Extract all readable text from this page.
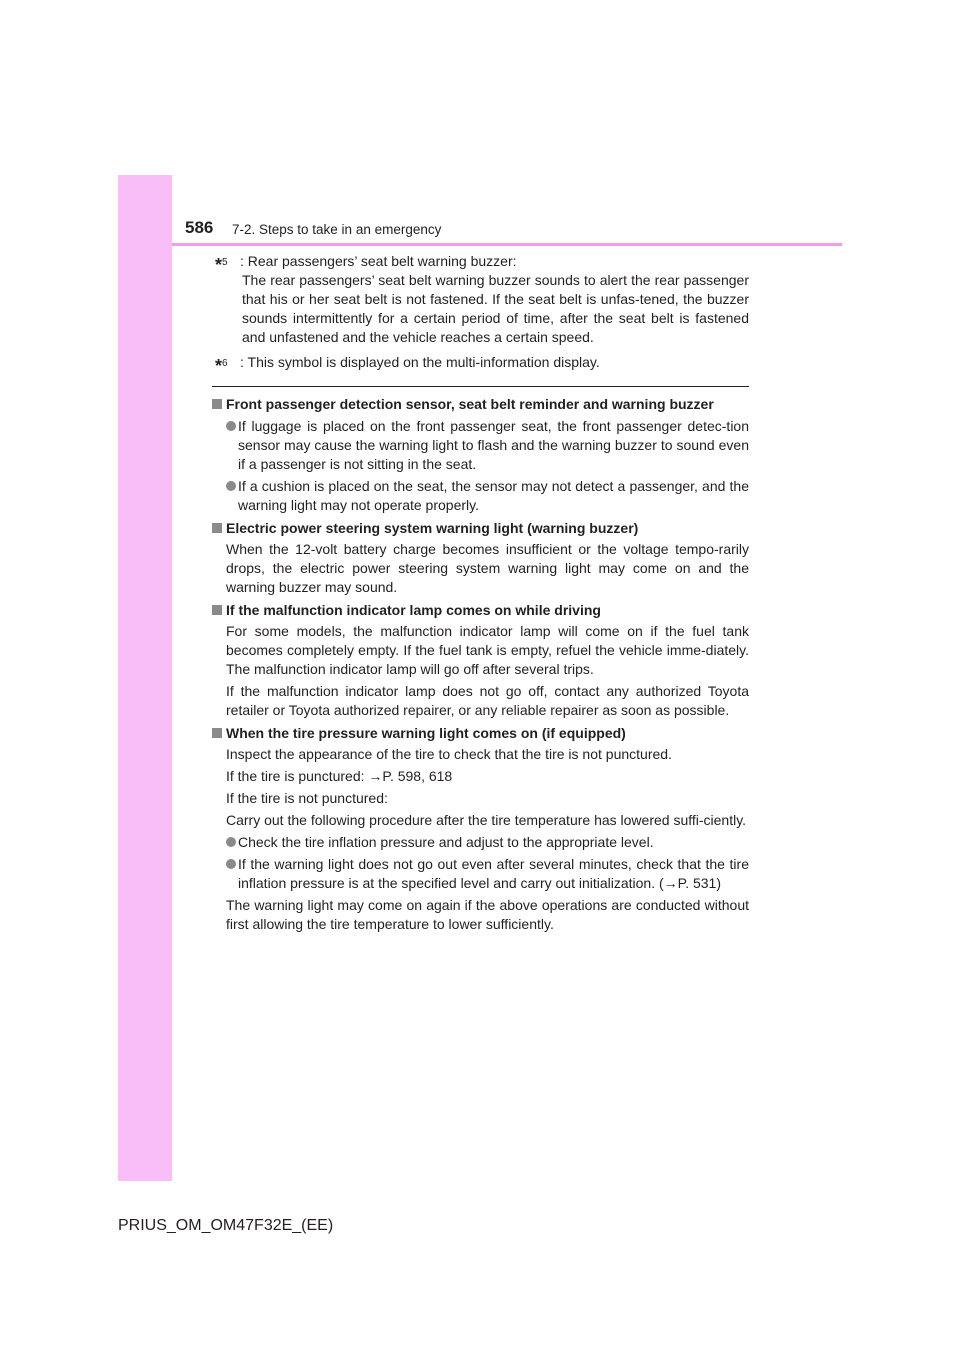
586 7-2. Steps to take in an emergency
*$^5$ : Rear passengers’ seat belt warning buzzer:

The rear passengers’ seat belt warning buzzer sounds to alert the rear passenger that his or her seat belt is not fastened. If the seat belt is unfas-tened, the buzzer sounds intermittently for a certain period of time, after the seat belt is fastened and unfastened and the vehicle reaches a certain speed.

*$^6$ : This symbol is displayed on the multi-information display.

Front passenger detection sensor, seat belt reminder and warning buzzer
If luggage is placed on the front passenger seat, the front passenger detec-tion sensor may cause the warning light to flash and the warning buzzer to sound even if a passenger is not sitting in the seat.
If a cushion is placed on the seat, the sensor may not detect a passenger, and the warning light may not operate properly.
Electric power steering system warning light (warning buzzer)
When the 12-volt battery charge becomes insufficient or the voltage tempo-rarily drops, the electric power steering system warning light may come on and the warning buzzer may sound.
If the malfunction indicator lamp comes on while driving
For some models, the malfunction indicator lamp will come on if the fuel tank becomes completely empty. If the fuel tank is empty, refuel the vehicle imme-diately. The malfunction indicator lamp will go off after several trips.
If the malfunction indicator lamp does not go off, contact any authorized Toyota retailer or Toyota authorized repairer, or any reliable repairer as soon as possible.
When the tire pressure warning light comes on (if equipped)
Inspect the appearance of the tire to check that the tire is not punctured.
If the tire is punctured: →P. 598, 618
If the tire is not punctured:
Carry out the following procedure after the tire temperature has lowered suffi-ciently.
Check the tire inflation pressure and adjust to the appropriate level.
If the warning light does not go out even after several minutes, check that the tire inflation pressure is at the specified level and carry out initialization. (→P. 531)
The warning light may come on again if the above operations are conducted without first allowing the tire temperature to lower sufficiently.
PRIUS_OM_OM47F32E_(EE)
